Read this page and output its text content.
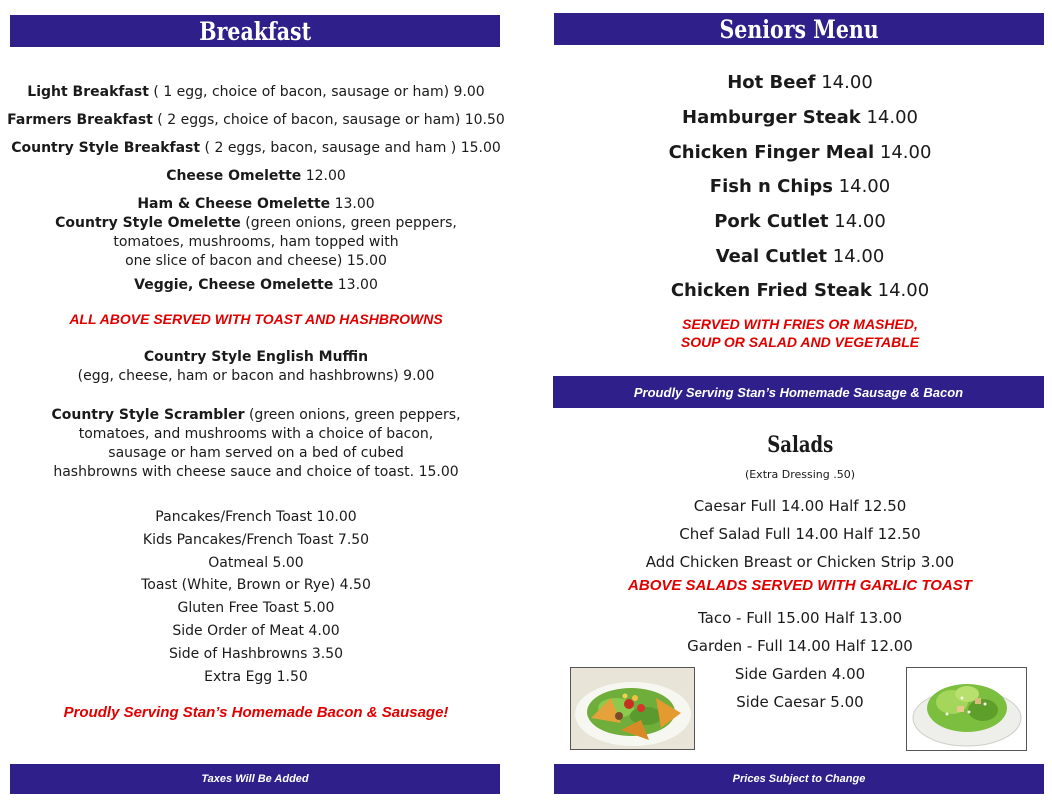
Breakfast
Light Breakfast ( 1 egg, choice of bacon, sausage or ham) 9.00
Farmers Breakfast ( 2 eggs, choice of bacon, sausage or ham) 10.50
Country Style Breakfast ( 2 eggs, bacon, sausage and ham ) 15.00
Cheese Omelette 12.00
Ham & Cheese Omelette 13.00
Country Style Omelette (green onions, green peppers,
tomatoes, mushrooms, ham topped with
one slice of bacon and cheese) 15.00
Veggie, Cheese Omelette 13.00
ALL ABOVE SERVED WITH TOAST AND HASHBROWNS
Country Style English Muffin
(egg, cheese, ham or bacon and hashbrowns) 9.00
Country Style Scrambler (green onions, green peppers,
tomatoes, and mushrooms with a choice of bacon,
sausage or ham served on a bed of cubed
hashbrowns with cheese sauce and choice of toast. 15.00
Pancakes/French Toast 10.00
Kids Pancakes/French Toast 7.50
Oatmeal 5.00
Toast (White, Brown or Rye) 4.50
Gluten Free Toast 5.00
Side Order of Meat 4.00
Side of Hashbrowns 3.50
Extra Egg 1.50
Proudly Serving Stan’s Homemade Bacon & Sausage!
Taxes Will Be Added
Seniors Menu
Hot Beef 14.00
Hamburger Steak 14.00
Chicken Finger Meal 14.00
Fish n Chips 14.00
Pork Cutlet 14.00
Veal Cutlet 14.00
Chicken Fried Steak 14.00
SERVED WITH FRIES OR MASHED,
SOUP OR SALAD AND VEGETABLE
Proudly Serving Stan’s Homemade Sausage & Bacon
Salads
(Extra Dressing .50)
Caesar Full 14.00 Half 12.50
Chef Salad Full 14.00 Half 12.50
Add Chicken Breast or Chicken Strip 3.00
ABOVE SALADS SERVED WITH GARLIC TOAST
Taco - Full 15.00 Half 13.00
Garden - Full 14.00 Half 12.00
Side Garden 4.00
Side Caesar 5.00
Prices Subject to Change
